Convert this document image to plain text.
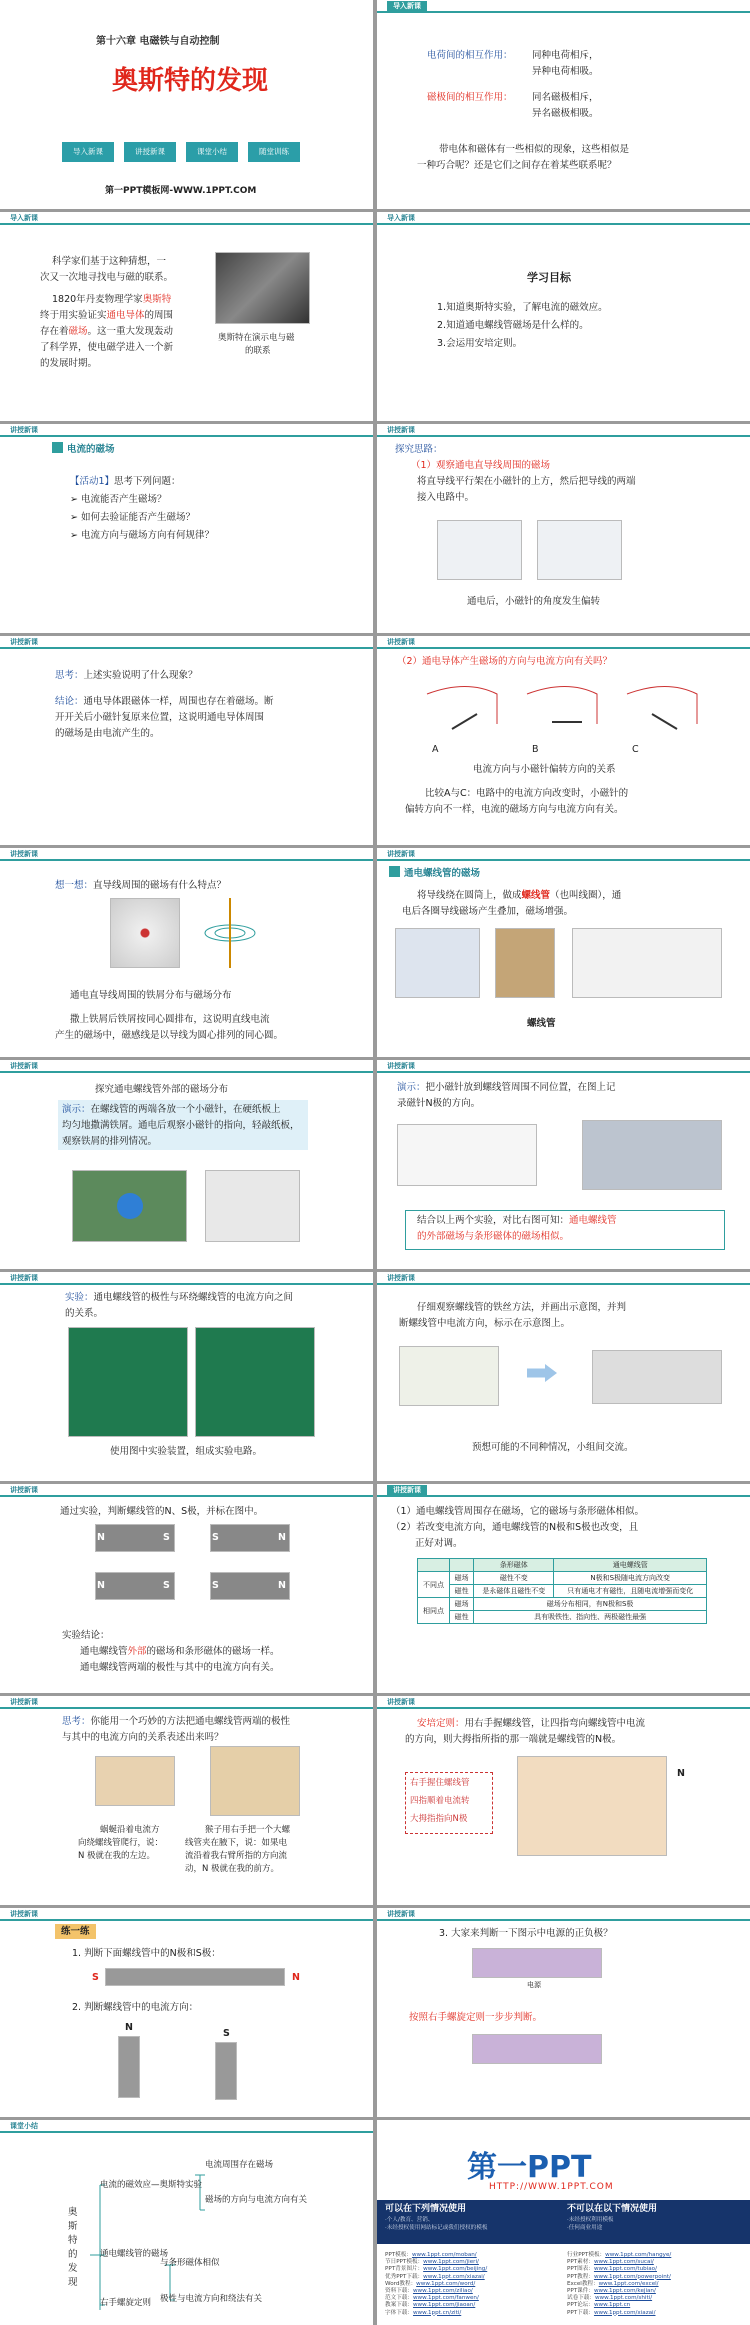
第十六章 电磁铁与自动控制
奥斯特的发现
导入新课	讲授新课	课堂小结	随堂训练
第一PPT模板网-WWW.1PPT.COM
导入新课
电荷间的相互作用： 同种电荷相斥，
异种电荷相吸。
磁极间的相互作用： 同名磁极相斥，
异名磁极相吸。
带电体和磁体有一些相似的现象，这些相似是
一种巧合呢？还是它们之间存在着某些联系呢？
导入新课
科学家们基于这种猜想，一
次又一次地寻找电与磁的联系。
1820年丹麦物理学家奥斯特
终于用实验证实通电导体的周围
存在着磁场。这一重大发现轰动
了科学界，使电磁学进入一个新
的发展时期。
奥斯特在演示电与磁
的联系
导入新课
学习目标
1.知道奥斯特实验，了解电流的磁效应。
2.知道通电螺线管磁场是什么样的。
3.会运用安培定则。
讲授新课
电流的磁场
【活动1】思考下列问题：
➢ 电流能否产生磁场？
➢ 如何去验证能否产生磁场？
➢ 电流方向与磁场方向有何规律？
讲授新课
探究思路：
（1）观察通电直导线周围的磁场
将直导线平行架在小磁针的上方，然后把导线的两端
接入电路中。
通电后，小磁针的角度发生偏转
讲授新课
思考：上述实验说明了什么现象？
结论：通电导体跟磁体一样，周围也存在着磁场。断
开开关后小磁针复原来位置，这说明通电导体周围
的磁场是由电流产生的。
讲授新课
（2）通电导体产生磁场的方向与电流方向有关吗？
A	B	C
电流方向与小磁针偏转方向的关系
比较A与C：电路中的电流方向改变时，小磁针的
偏转方向不一样，电流的磁场方向与电流方向有关。
讲授新课
想一想：直导线周围的磁场有什么特点？
通电直导线周围的铁屑分布与磁场分布
撒上铁屑后铁屑按同心圆排布，这说明直线电流
产生的磁场中，磁感线是以导线为圆心排列的同心圆。
讲授新课
通电螺线管的磁场
将导线绕在圆筒上，做成螺线管（也叫线圈），通
电后各圈导线磁场产生叠加，磁场增强。
螺线管
讲授新课
探究通电螺线管外部的磁场分布
演示：在螺线管的两端各放一个小磁针，在硬纸板上
均匀地撒满铁屑。通电后观察小磁针的指向，轻敲纸板，
观察铁屑的排列情况。
讲授新课
演示：把小磁针放到螺线管周围不同位置，在图上记
录磁针N极的方向。
结合以上两个实验，对比右图可知：通电螺线管
的外部磁场与条形磁体的磁场相似。
讲授新课
实验：通电螺线管的极性与环绕螺线管的电流方向之间
的关系。
使用图中实验装置，组成实验电路。
讲授新课
仔细观察螺线管的铁丝方法，并画出示意图，并判
断螺线管中电流方向，标示在示意图上。
预想可能的不同种情况，小组间交流。
讲授新课
通过实验，判断螺线管的N、S极，并标在图中。
N	S	S	N
N	S	S	N
实验结论：
通电螺线管外部的磁场和条形磁体的磁场一样。
通电螺线管两端的极性与其中的电流方向有关。
讲授新课
（1）通电螺线管周围存在磁场，它的磁场与条形磁体相似。
（2）若改变电流方向，通电螺线管的N极和S极也改变，且
正好对调。
		条形磁体	通电螺线管
不同点	磁场	磁性不变	N极和S极随电流方向改变
	磁性	是永磁体且磁性不变	只有通电才有磁性，且随电流增强而变化
相同点	磁场	磁场分布相同，有N极和S极	
	磁性	具有吸铁性、指向性、两极磁性最强	
讲授新课
思考：你能用一个巧妙的方法把通电螺线管两端的极性
与其中的电流方向的关系表述出来吗？
蜗蜒沿着电流方
向绕螺线管爬行，说：
N 极就在我的左边。
猴子用右手把一个大螺
线管夹在腋下，说：如果电
流沿着我右臂所指的方向流
动，N 极就在我的前方。
讲授新课
安培定则：用右手握螺线管，让四指弯向螺线管中电流
的方向，则大拇指所指的那一端就是螺线管的N极。
右手握住螺线管
四指顺着电流转
大拇指指向N极
N
讲授新课
练一练
1. 判断下面螺线管中的N极和S极：
S	N
2. 判断螺线管中的电流方向：
N
S
讲授新课
3. 大家来判断一下图示中电源的正负极？
电源
按照右手螺旋定则一步步判断。
课堂小结
奥斯特的发现
电流的磁效应—奥斯特实验
电流周围存在磁场
磁场的方向与电流方向有关
通电螺线管的磁场
与条形磁体相似
极性与电流方向和绕法有关
右手螺旋定则
第一PPT
HTTP://WWW.1PPT.COM
可以在下列情况使用
·个人/教育、营销、
·未经授权使用网站标记或我们授权的模板
不可以在以下情况使用
·未经授权利用模板
·任何商业用途
PPT模板：www.1ppt.com/moban/
节日PPT模板：www.1ppt.com/jieri/
PPT背景图片：www.1ppt.com/beijing/
优秀PPT下载：www.1ppt.com/xiazai/
Word教程：www.1ppt.com/word/
资料下载：www.1ppt.com/ziliao/
范文下载：www.1ppt.com/fanwen/
教案下载：www.1ppt.com/jiaoan/
字体下载：www.1ppt.cn/ziti/
行业PPT模板：www.1ppt.com/hangye/
PPT素材：www.1ppt.com/sucai/
PPT图表：www.1ppt.com/tubiao/
PPT教程：www.1ppt.com/powerpoint/
Excel教程：www.1ppt.com/excel/
PPT课件：www.1ppt.com/kejian/
试卷下载：www.1ppt.com/shiti/
PPT论坛：www.1ppt.cn
PPT下载：www.1ppt.com/xiazai/
